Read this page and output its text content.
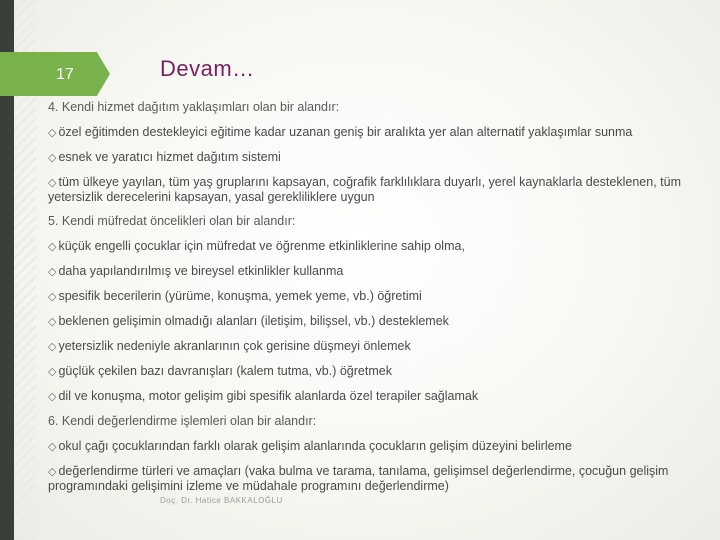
17	Devam…

4. Kendi hizmet dağıtım yaklaşımları olan bir alandır:

◇ özel eğitimden destekleyici eğitime kadar uzanan geniş bir aralıkta yer alan alternatif yaklaşımlar sunma

◇ esnek ve yaratıcı hizmet dağıtım sistemi

◇ tüm ülkeye yayılan, tüm yaş gruplarını kapsayan, coğrafik farklılıklara duyarlı, yerel kaynaklarla desteklenen, tüm yetersizlik derecelerini kapsayan, yasal gerekliliklere uygun

5. Kendi müfredat öncelikleri olan bir alandır:

◇ küçük engelli çocuklar için müfredat ve öğrenme etkinliklerine sahip olma,

◇ daha yapılandırılmış ve bireysel etkinlikler kullanma

◇ spesifik becerilerin (yürüme, konuşma, yemek yeme, vb.) öğretimi

◇ beklenen gelişimin olmadığı alanları (iletişim, bilişsel, vb.) desteklemek

◇ yetersizlik nedeniyle akranlarının çok gerisine düşmeyi önlemek

◇ güçlük çekilen bazı davranışları (kalem tutma, vb.) öğretmek

◇ dil ve konuşma, motor gelişim gibi spesifik alanlarda özel terapiler sağlamak

6. Kendi değerlendirme işlemleri olan bir alandır:

◇ okul çağı çocuklarından farklı olarak gelişim alanlarında çocukların gelişim düzeyini belirleme

◇ değerlendirme türleri ve amaçları (vaka bulma ve tarama, tanılama, gelişimsel değerlendirme, çocuğun gelişim programındaki gelişimini izleme ve müdahale programını değerlendirme)

Doç. Dr. Hatice BAKKALOĞLU
